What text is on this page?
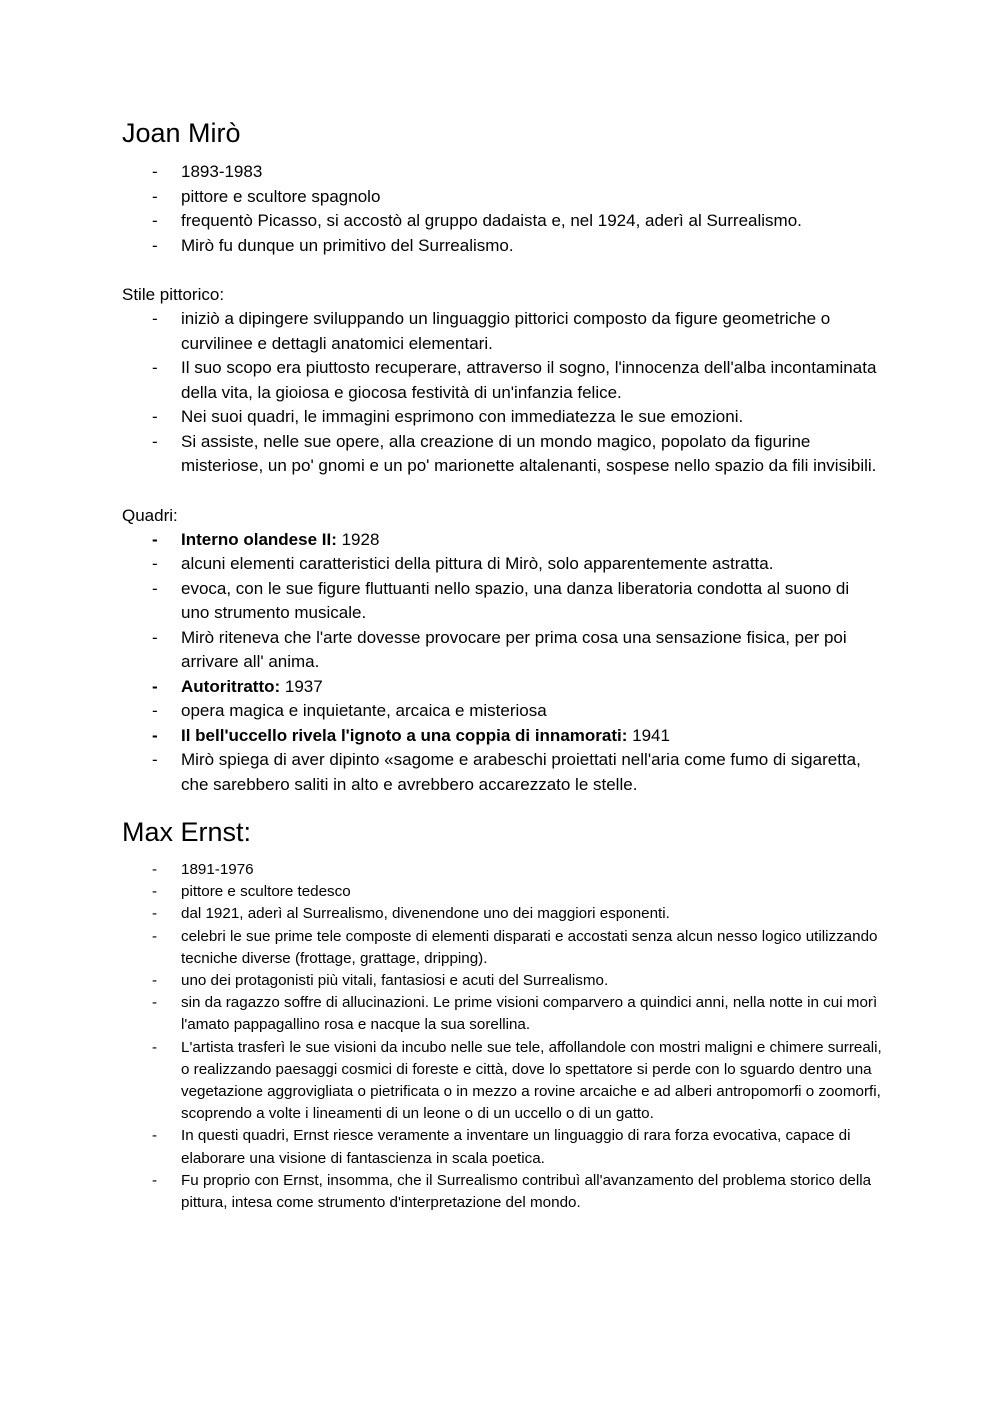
Joan Mirò
- 1893-1983
- pittore e scultore spagnolo
- frequentò Picasso, si accostò al gruppo dadaista e, nel 1924, aderì al Surrealismo.
- Mirò fu dunque un primitivo del Surrealismo.

Stile pittorico:

- iniziò a dipingere sviluppando un linguaggio pittorici composto da figure geometriche o curvilinee e dettagli anatomici elementari.
- Il suo scopo era piuttosto recuperare, attraverso il sogno, l'innocenza dell'alba incontaminata della vita, la gioiosa e giocosa festività di un'infanzia felice.
- Nei suoi quadri, le immagini esprimono con immediatezza le sue emozioni.
- Si assiste, nelle sue opere, alla creazione di un mondo magico, popolato da figurine misteriose, un po' gnomi e un po' marionette altalenanti, sospese nello spazio da fili invisibili.

Quadri:

- Interno olandese II: 1928
- alcuni elementi caratteristici della pittura di Mirò, solo apparentemente astratta.
- evoca, con le sue figure fluttuanti nello spazio, una danza liberatoria condotta al suono di uno strumento musicale.
- Mirò riteneva che l'arte dovesse provocare per prima cosa una sensazione fisica, per poi arrivare all' anima.
- Autoritratto: 1937
- opera magica e inquietante, arcaica e misteriosa
- Il bell'uccello rivela l'ignoto a una coppia di innamorati: 1941
- Mirò spiega di aver dipinto «sagome e arabeschi proiettati nell'aria come fumo di sigaretta, che sarebbero saliti in alto e avrebbero accarezzato le stelle.
Max Ernst:
- 1891-1976
- pittore e scultore tedesco
- dal 1921, aderì al Surrealismo, divenendone uno dei maggiori esponenti.
- celebri le sue prime tele composte di elementi disparati e accostati senza alcun nesso logico utilizzando tecniche diverse (frottage, grattage, dripping).
- uno dei protagonisti più vitali, fantasiosi e acuti del Surrealismo.
- sin da ragazzo soffre di allucinazioni. Le prime visioni comparvero a quindici anni, nella notte in cui morì l'amato pappagallino rosa e nacque la sua sorellina.
- L'artista trasferì le sue visioni da incubo nelle sue tele, affollandole con mostri maligni e chimere surreali, o realizzando paesaggi cosmici di foreste e città, dove lo spettatore si perde con lo sguardo dentro una vegetazione aggrovigliata o pietrificata o in mezzo a rovine arcaiche e ad alberi antropomorfi o zoomorfi, scoprendo a volte i lineamenti di un leone o di un uccello o di un gatto.
- In questi quadri, Ernst riesce veramente a inventare un linguaggio di rara forza evocativa, capace di elaborare una visione di fantascienza in scala poetica.
- Fu proprio con Ernst, insomma, che il Surrealismo contribuì all'avanzamento del problema storico della pittura, intesa come strumento d'interpretazione del mondo.
